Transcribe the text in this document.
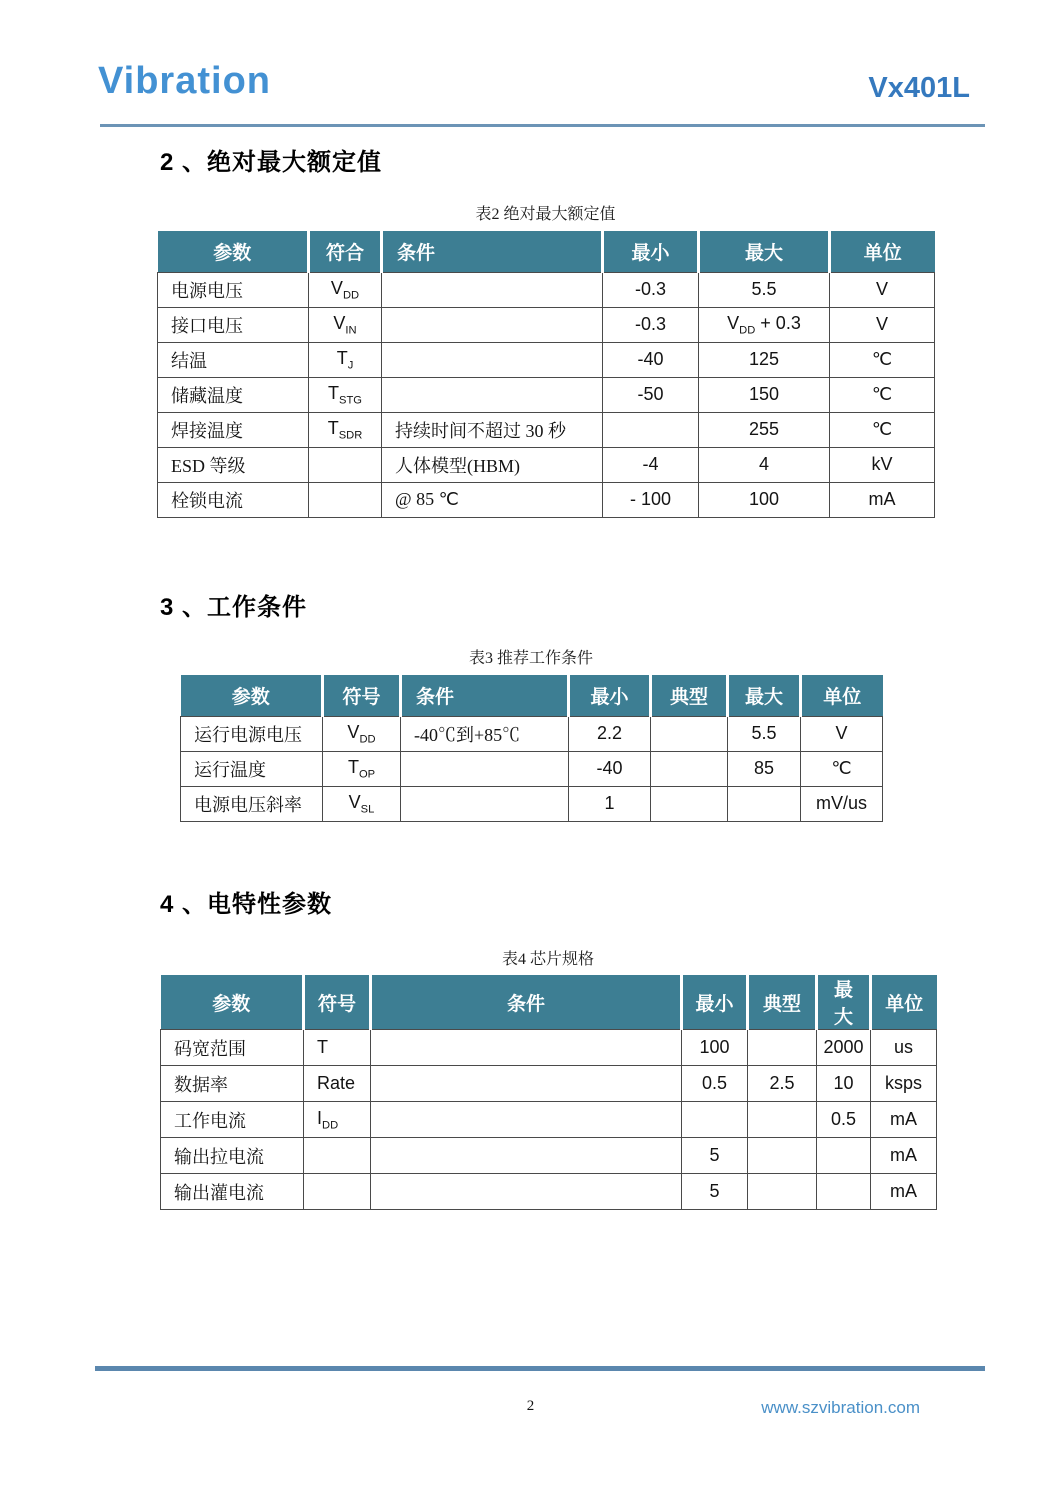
Vibration	Vx401L
2 、绝对最大额定值
表2 绝对最大额定值
参数	符合	条件	最小	最大	单位
电源电压	$V_{DD}$		-0.3	5.5	V
接口电压	$V_{IN}$		-0.3	$V_{DD} + 0.3$	V
结温	$T_J$		-40	125	℃
储藏温度	$T_{STG}$		-50	150	℃
焊接温度	$T_{SDR}$	持续时间不超过 30 秒		255	℃
ESD 等级		人体模型(HBM)	-4	4	kV
栓锁电流		@ 85 ℃	- 100	100	mA
3 、工作条件
表3 推荐工作条件
参数	符号	条件	最小	典型	最大	单位
运行电源电压	$V_{DD}$	-40℃到+85℃	2.2		5.5	V
运行温度	$T_{OP}$		-40		85	℃
电源电压斜率	$V_{SL}$		1			mV/us
4 、电特性参数
表4 芯片规格
参数	符号	条件	最小	典型	最大	单位
码宽范围	T		100		2000	us
数据率	Rate		0.5	2.5	10	ksps
工作电流	$I_{DD}$				0.5	mA
输出拉电流			5			mA
输出灌电流			5			mA
2	www.szvibration.com
